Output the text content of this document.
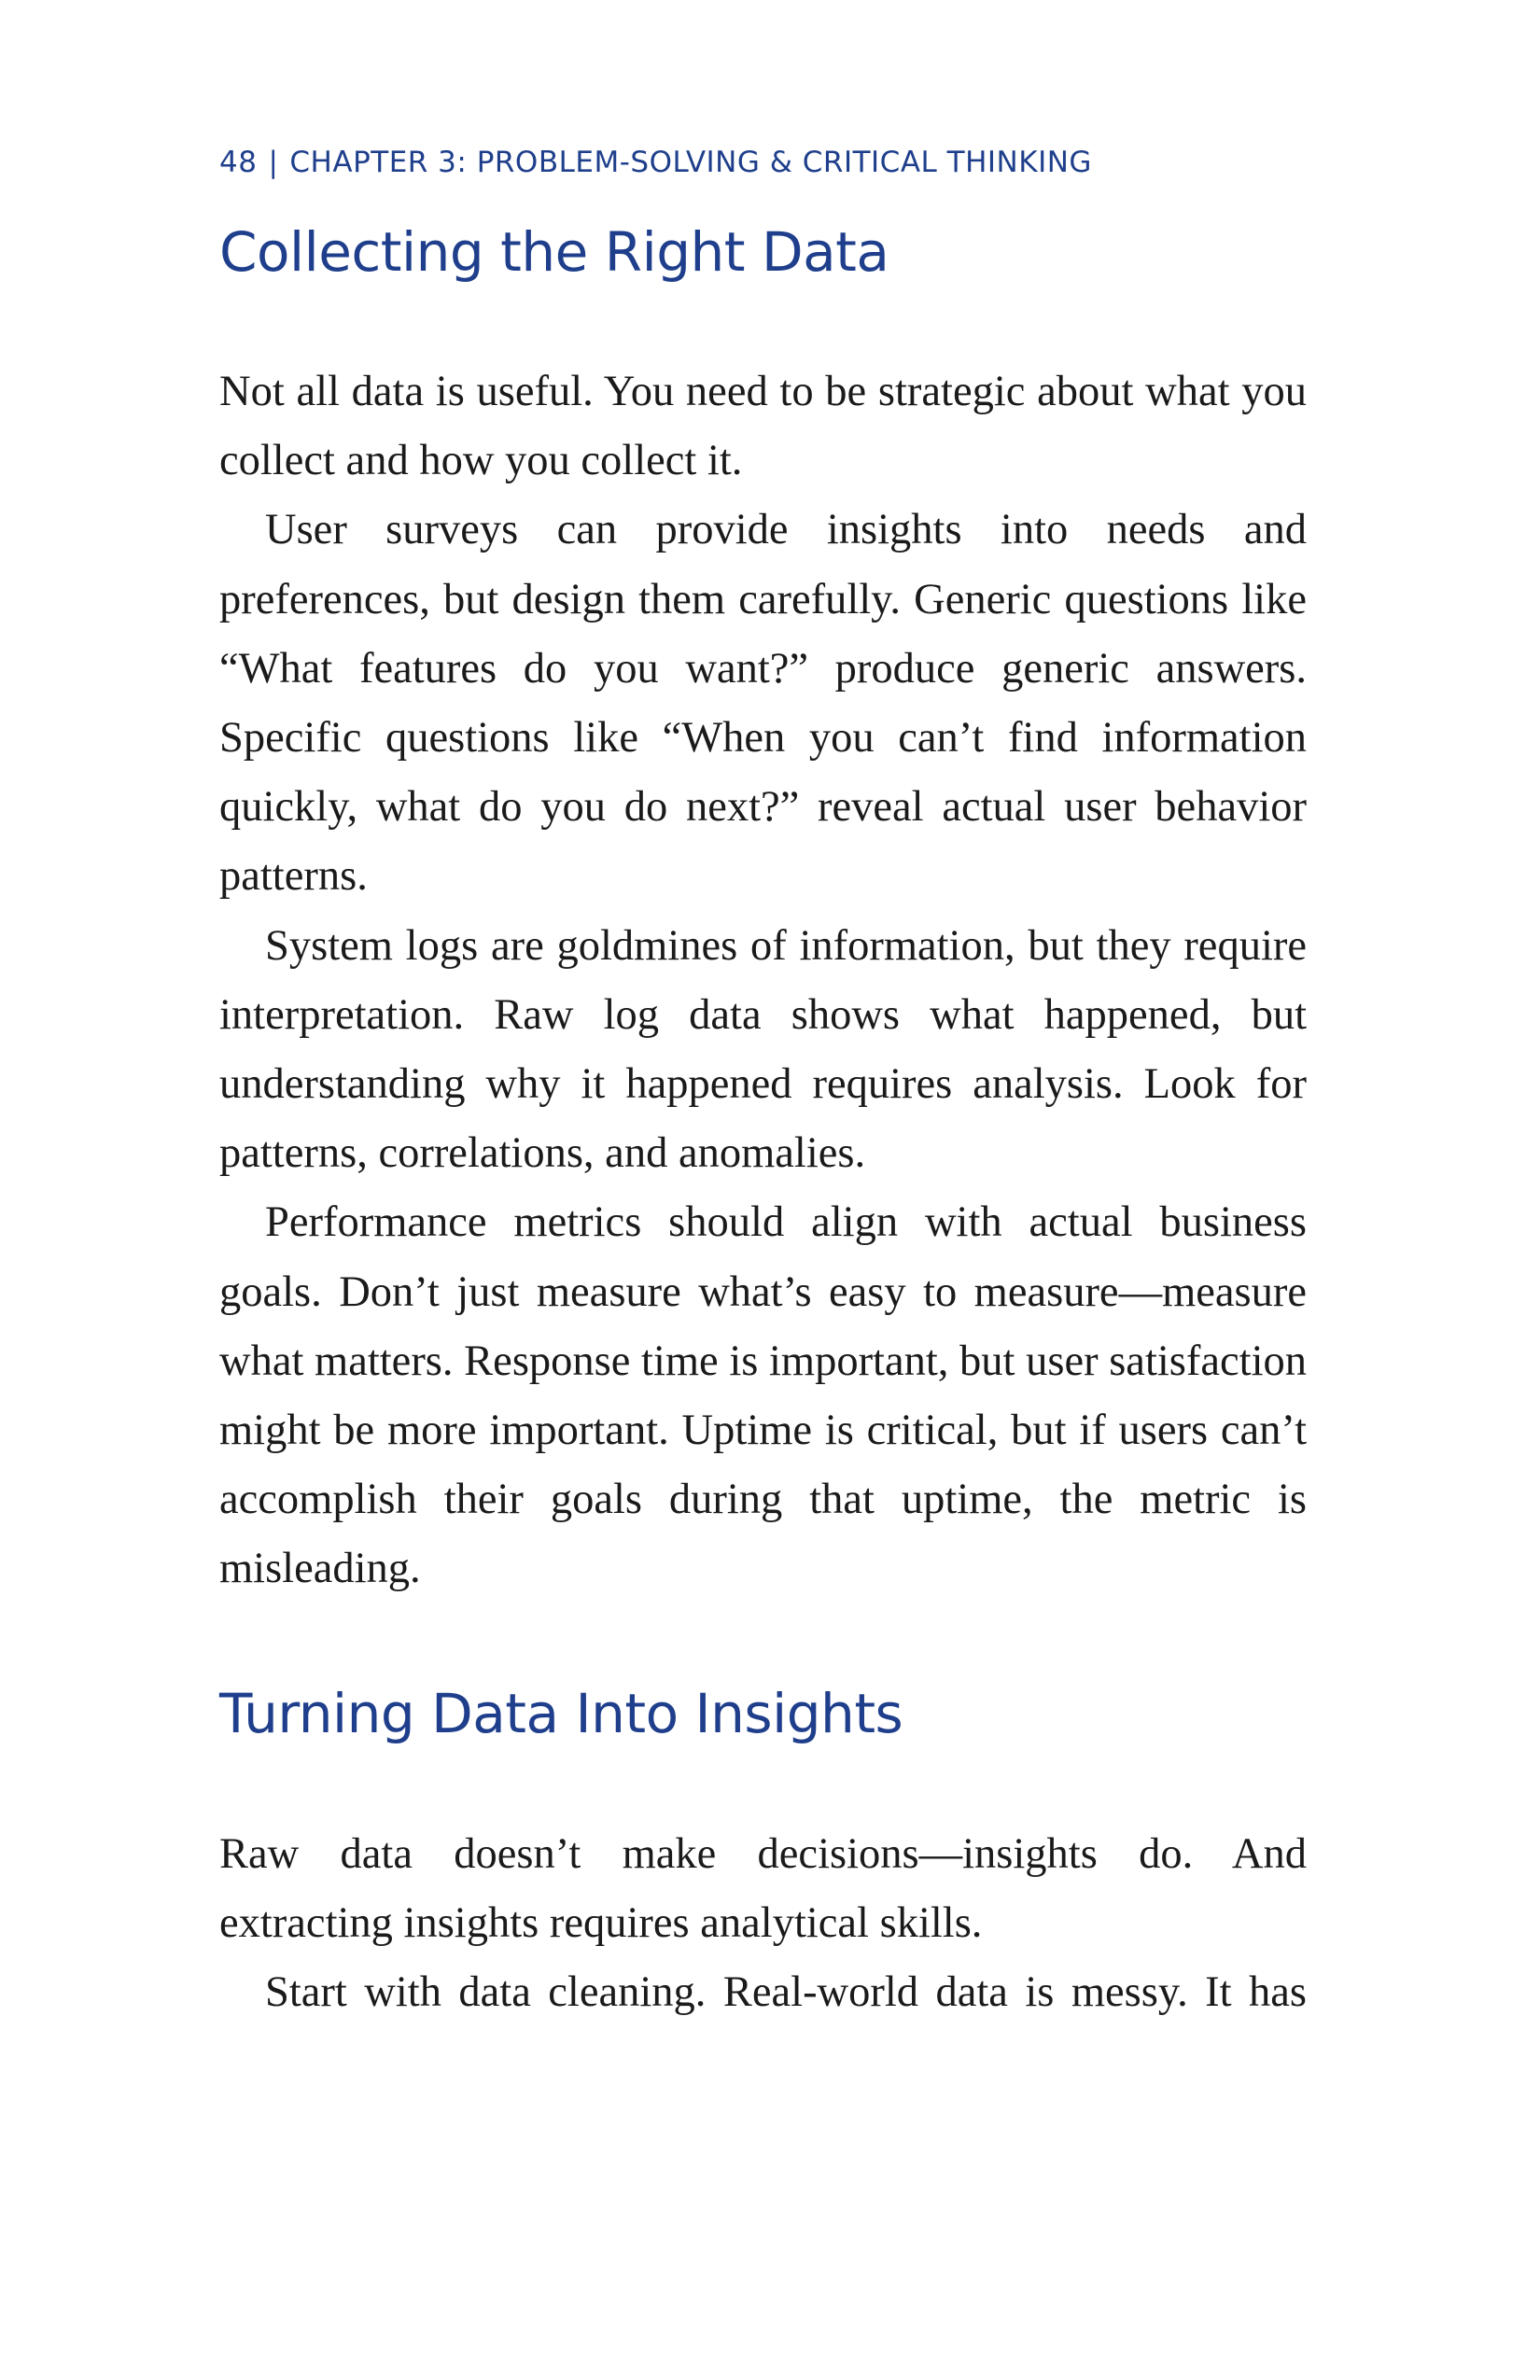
48 | CHAPTER 3: PROBLEM-SOLVING & CRITICAL THINKING
Collecting the Right Data

Not all data is useful. You need to be strategic about what you collect and how you collect it.

User surveys can provide insights into needs and preferences, but design them carefully. Generic questions like “What features do you want?” produce generic answers. Specific questions like “When you can’t find information quickly, what do you do next?” reveal actual user behavior patterns.

System logs are goldmines of information, but they require interpretation. Raw log data shows what happened, but understanding why it happened requires analysis. Look for patterns, correlations, and anomalies.

Performance metrics should align with actual business goals. Don’t just measure what’s easy to measure—measure what matters. Response time is important, but user satisfaction might be more important. Uptime is critical, but if users can’t accomplish their goals during that uptime, the metric is misleading.

Turning Data Into Insights

Raw data doesn’t make decisions—insights do. And extracting insights requires analytical skills.

Start with data cleaning. Real-world data is messy. It has
